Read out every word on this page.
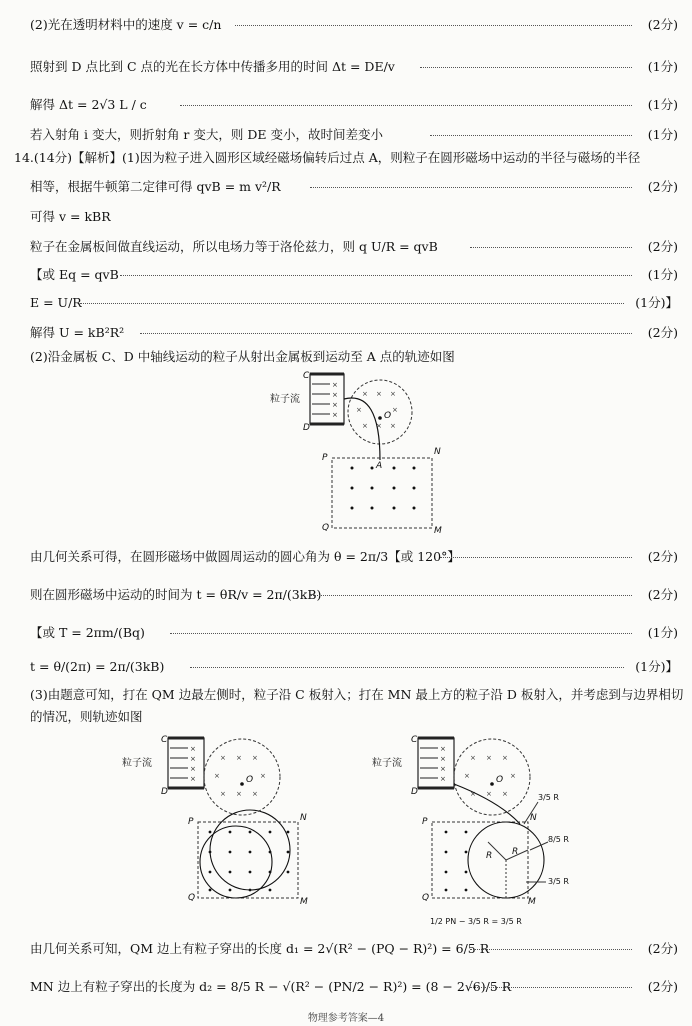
(2)光在透明材料中的速度 v = c/n	(2分)
照射到 D 点比到 C 点的光在长方体中传播多用的时间 Δt = DE/v	(1分)
解得 Δt = 2√3 L / c	(1分)
若入射角 i 变大，则折射角 r 变大，则 DE 变小，故时间差变小	(1分)
14.(14分)【解析】(1)因为粒子进入圆形区域经磁场偏转后过点 A，则粒子在圆形磁场中运动的半径与磁场的半径
相等，根据牛顿第二定律可得 qvB = m v²/R	(2分)
可得 v = kBR
粒子在金属板间做直线运动，所以电场力等于洛伦兹力，则 q U/R = qvB	(2分)
【或 Eq = qvB	(1分)
E = U/R	(1分)】
解得 U = kB²R²	(2分)
(2)沿金属板 C、D 中轴线运动的粒子从射出金属板到运动至 A 点的轨迹如图
×
×
×
×
× × ×
×	×
× × ×
粒子流
C
D
O
P
N
A
Q	M
由几何关系可得，在圆形磁场中做圆周运动的圆心角为 θ = 2π/3【或 120°】	(2分)
则在圆形磁场中运动的时间为 t = θR/v = 2π/(3kB)	(2分)
【或 T = 2πm/(Bq)	(1分)
t = θ/(2π) = 2π/(3kB)	(1分)】
(3)由题意可知，打在 QM 边最左侧时，粒子沿 C 板射入；打在 MN 最上方的粒子沿 D 板射入，并考虑到与边界相切
的情况，则轨迹如图
×
×
×
×
× × ×
×	×
× × ×
粒子流
C
D
O
P	N
Q	M
×
×
×
×
× × ×
×	×
× × ×
粒子流
C
D
O
P	N
Q	M
R R
3/5 R
8/5 R
3/5 R
1/2 PN − 3/5 R = 3/5 R
由几何关系可知，QM 边上有粒子穿出的长度 d₁ = 2√(R² − (PQ − R)²) = 6/5 R	(2分)
MN 边上有粒子穿出的长度为 d₂ = 8/5 R − √(R² − (PN/2 − R)²) = (8 − 2√6)/5 R	(2分)
物理参考答案—4
